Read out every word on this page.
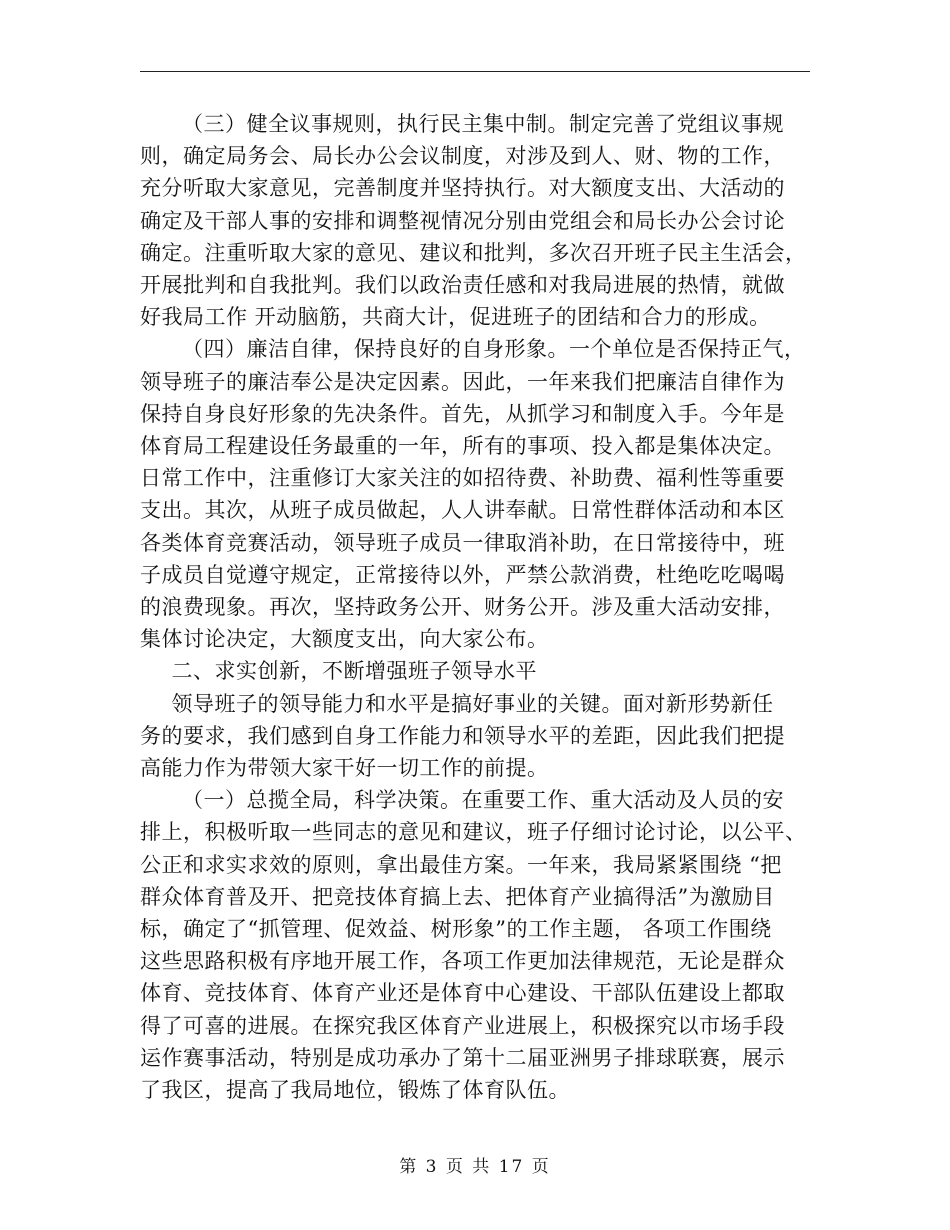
（三）健全议事规则，执行民主集中制。制定完善了党组议事规
则，确定局务会、局长办公会议制度，对涉及到人、财、物的工作，
充分听取大家意见，完善制度并坚持执行。对大额度支出、大活动的
确定及干部人事的安排和调整视情况分别由党组会和局长办公会讨论
确定。注重听取大家的意见、建议和批判，多次召开班子民主生活会，
开展批判和自我批判。我们以政治责任感和对我局进展的热情，就做
好我局工作 开动脑筋，共商大计，促进班子的团结和合力的形成。
（四）廉洁自律，保持良好的自身形象。一个单位是否保持正气，
领导班子的廉洁奉公是决定因素。因此，一年来我们把廉洁自律作为
保持自身良好形象的先决条件。首先，从抓学习和制度入手。今年是
体育局工程建设任务最重的一年，所有的事项、投入都是集体决定。
日常工作中，注重修订大家关注的如招待费、补助费、福利性等重要
支出。其次，从班子成员做起，人人讲奉献。日常性群体活动和本区
各类体育竞赛活动，领导班子成员一律取消补助，在日常接待中，班
子成员自觉遵守规定，正常接待以外，严禁公款消费，杜绝吃吃喝喝
的浪费现象。再次，坚持政务公开、财务公开。涉及重大活动安排，
集体讨论决定，大额度支出，向大家公布。
二、求实创新，不断增强班子领导水平
领导班子的领导能力和水平是搞好事业的关键。面对新形势新任
务的要求，我们感到自身工作能力和领导水平的差距，因此我们把提
高能力作为带领大家干好一切工作的前提。
（一）总揽全局，科学决策。在重要工作、重大活动及人员的安
排上，积极听取一些同志的意见和建议，班子仔细讨论讨论，以公平、
公正和求实求效的原则，拿出最佳方案。一年来，我局紧紧围绕 “把
群众体育普及开、把竞技体育搞上去、把体育产业搞得活”为激励目
标，确定了“抓管理、促效益、树形象”的工作主题， 各项工作围绕
这些思路积极有序地开展工作，各项工作更加法律规范，无论是群众
体育、竞技体育、体育产业还是体育中心建设、干部队伍建设上都取
得了可喜的进展。在探究我区体育产业进展上，积极探究以市场手段
运作赛事活动，特别是成功承办了第十二届亚洲男子排球联赛，展示
了我区，提高了我局地位，锻炼了体育队伍。
第 3 页 共 17 页
